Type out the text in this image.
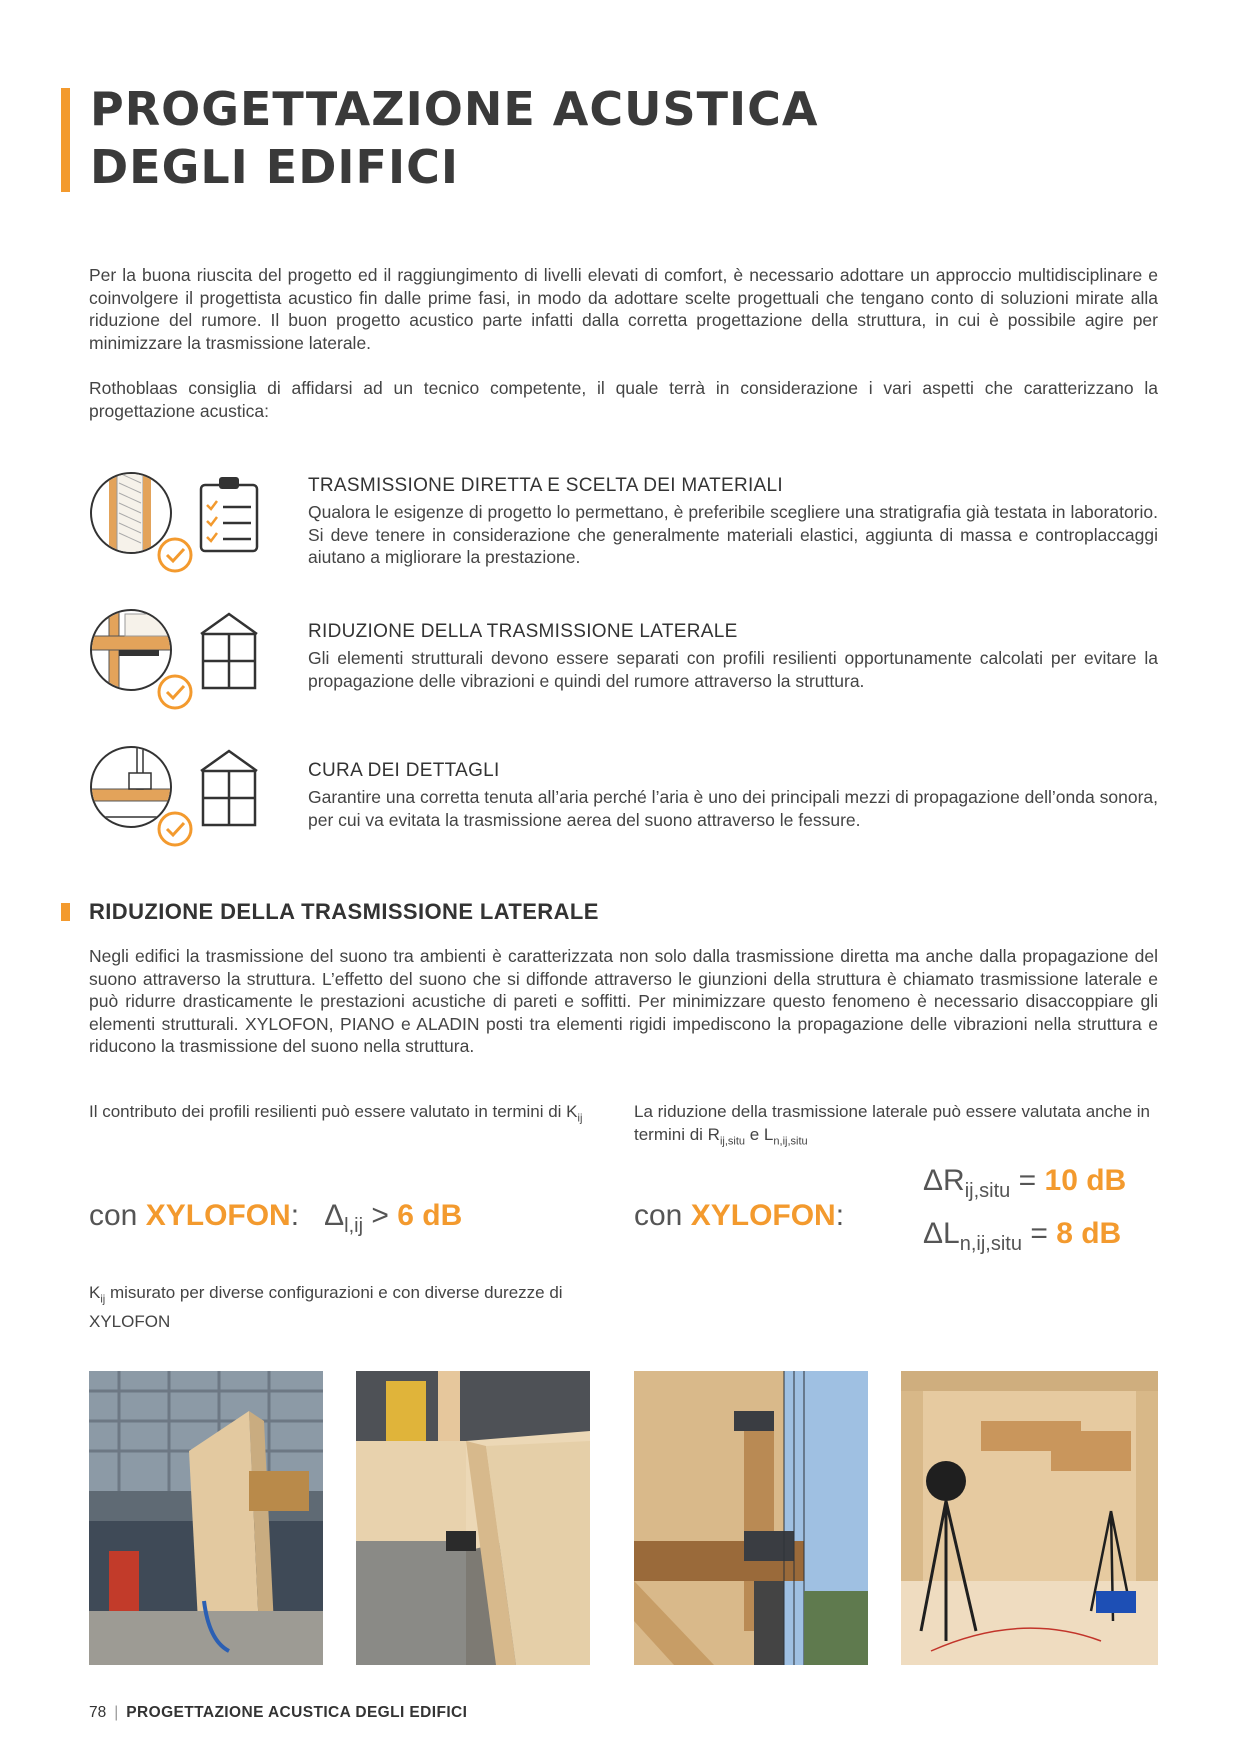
PROGETTAZIONE ACUSTICA
DEGLI EDIFICI

Per la buona riuscita del progetto ed il raggiungimento di livelli elevati di comfort, è necessario adottare un approccio multidisciplinare e coinvolgere il progettista acustico fin dalle prime fasi, in modo da adottare scelte progettuali che tengano conto di soluzioni mirate alla riduzione del rumore. Il buon progetto acustico parte infatti dalla corretta progettazione della struttura, in cui è possibile agire per minimizzare la trasmissione laterale.

Rothoblaas consiglia di affidarsi ad un tecnico competente, il quale terrà in considerazione i vari aspetti che caratterizzano la progettazione acustica:

TRASMISSIONE DIRETTA E SCELTA DEI MATERIALI

Qualora le esigenze di progetto lo permettano, è preferibile scegliere una stratigrafia già testata in laboratorio. Si deve tenere in considerazione che generalmente materiali elastici, aggiunta di massa e controplaccaggi aiutano a migliorare la prestazione.

RIDUZIONE DELLA TRASMISSIONE LATERALE

Gli elementi strutturali devono essere separati con profili resilienti opportunamente calcolati per evitare la propagazione delle vibrazioni e quindi del rumore attraverso la struttura.

CURA DEI DETTAGLI

Garantire una corretta tenuta all’aria perché l’aria è uno dei principali mezzi di propagazione dell’onda sonora, per cui va evitata la trasmissione aerea del suono attraverso le fessure.

RIDUZIONE DELLA TRASMISSIONE LATERALE

Negli edifici la trasmissione del suono tra ambienti è caratterizzata non solo dalla trasmissione diretta ma anche dalla propagazione del suono attraverso la struttura. L’effetto del suono che si diffonde attraverso le giunzioni della struttura è chiamato trasmissione laterale e può ridurre drasticamente le prestazioni acustiche di pareti e soffitti. Per minimizzare questo fenomeno è necessario disaccoppiare gli elementi strutturali. XYLOFON, PIANO e ALADIN posti tra elementi rigidi impediscono la propagazione delle vibrazioni nella struttura e riducono la trasmissione del suono nella struttura.

Il contributo dei profili resilienti può essere valutato in termini di $K_{ij}$

con XYLOFON: $\Delta_{l,ij} > 6$ dB

$K_{ij}$ misurato per diverse configurazioni e con diverse durezze di XYLOFON

La riduzione della trasmissione laterale può essere valutata anche in termini di $R_{ij,situ}$ e $L_{n,ij,situ}$

con XYLOFON:
$\Delta R_{ij,situ} = 10$ dB
$\Delta L_{n,ij,situ} = 8$ dB
78 | PROGETTAZIONE ACUSTICA DEGLI EDIFICI
